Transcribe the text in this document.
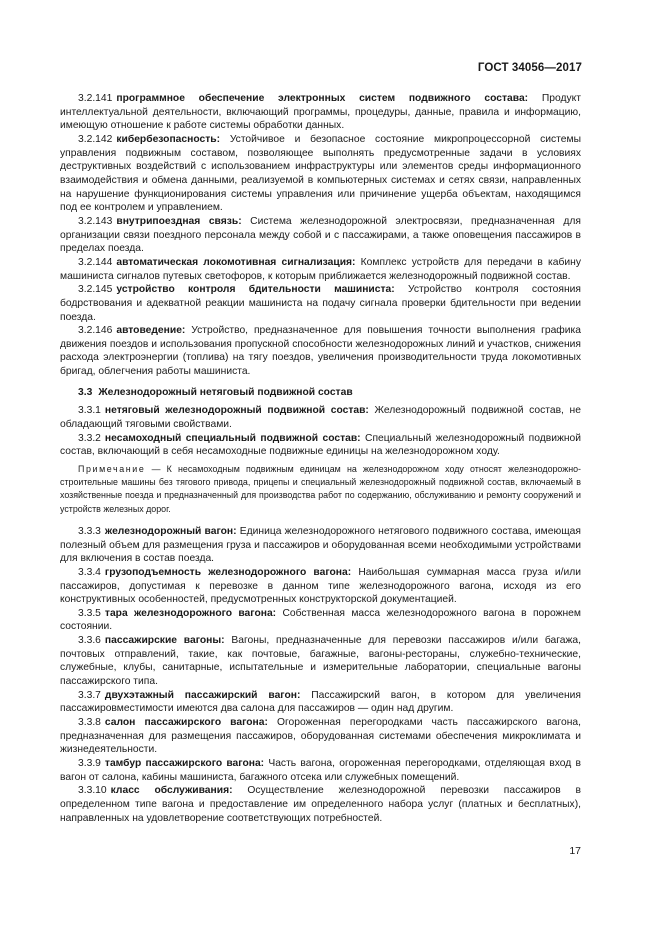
ГОСТ 34056—2017

3.2.141 программное обеспечение электронных систем подвижного состава: Продукт интеллектуальной деятельности, включающий программы, процедуры, данные, правила и информацию, имеющую отношение к работе системы обработки данных.

3.2.142 кибербезопасность: Устойчивое и безопасное состояние микропроцессорной системы управления подвижным составом, позволяющее выполнять предусмотренные задачи в условиях деструктивных воздействий с использованием инфраструктуры или элементов среды информационного взаимодействия и обмена данными, реализуемой в компьютерных системах и сетях связи, направленных на нарушение функционирования системы управления или причинение ущерба объектам, находящимся под ее контролем и управлением.

3.2.143 внутрипоездная связь: Система железнодорожной электросвязи, предназначенная для организации связи поездного персонала между собой и с пассажирами, а также оповещения пассажиров в пределах поезда.

3.2.144 автоматическая локомотивная сигнализация: Комплекс устройств для передачи в кабину машиниста сигналов путевых светофоров, к которым приближается железнодорожный подвижной состав.

3.2.145 устройство контроля бдительности машиниста: Устройство контроля состояния бодрствования и адекватной реакции машиниста на подачу сигнала проверки бдительности при ведении поезда.

3.2.146 автоведение: Устройство, предназначенное для повышения точности выполнения графика движения поездов и использования пропускной способности железнодорожных линий и участков, снижения расхода электроэнергии (топлива) на тягу поездов, увеличения производительности труда локомотивных бригад, облегчения работы машиниста.

3.3 Железнодорожный нетяговый подвижной состав

3.3.1 нетяговый железнодорожный подвижной состав: Железнодорожный подвижной состав, не обладающий тяговыми свойствами.

3.3.2 несамоходный специальный подвижной состав: Специальный железнодорожный подвижной состав, включающий в себя несамоходные подвижные единицы на железнодорожном ходу.

Примечание — К несамоходным подвижным единицам на железнодорожном ходу относят железнодорожно-строительные машины без тягового привода, прицепы и специальный железнодорожный подвижной состав, включаемый в хозяйственные поезда и предназначенный для производства работ по содержанию, обслуживанию и ремонту сооружений и устройств железных дорог.

3.3.3 железнодорожный вагон: Единица железнодорожного нетягового подвижного состава, имеющая полезный объем для размещения груза и пассажиров и оборудованная всеми необходимыми устройствами для включения в состав поезда.

3.3.4 грузоподъемность железнодорожного вагона: Наибольшая суммарная масса груза и/или пассажиров, допустимая к перевозке в данном типе железнодорожного вагона, исходя из его конструктивных особенностей, предусмотренных конструкторской документацией.

3.3.5 тара железнодорожного вагона: Собственная масса железнодорожного вагона в порожнем состоянии.

3.3.6 пассажирские вагоны: Вагоны, предназначенные для перевозки пассажиров и/или багажа, почтовых отправлений, такие, как почтовые, багажные, вагоны-рестораны, служебно-технические, служебные, клубы, санитарные, испытательные и измерительные лаборатории, специальные вагоны пассажирского типа.

3.3.7 двухэтажный пассажирский вагон: Пассажирский вагон, в котором для увеличения пассажировместимости имеются два салона для пассажиров — один над другим.

3.3.8 салон пассажирского вагона: Огороженная перегородками часть пассажирского вагона, предназначенная для размещения пассажиров, оборудованная системами обеспечения микроклимата и жизнедеятельности.

3.3.9 тамбур пассажирского вагона: Часть вагона, огороженная перегородками, отделяющая вход в вагон от салона, кабины машиниста, багажного отсека или служебных помещений.

3.3.10 класс обслуживания: Осуществление железнодорожной перевозки пассажиров в определенном типе вагона и предоставление им определенного набора услуг (платных и бесплатных), направленных на удовлетворение соответствующих потребностей.

17
